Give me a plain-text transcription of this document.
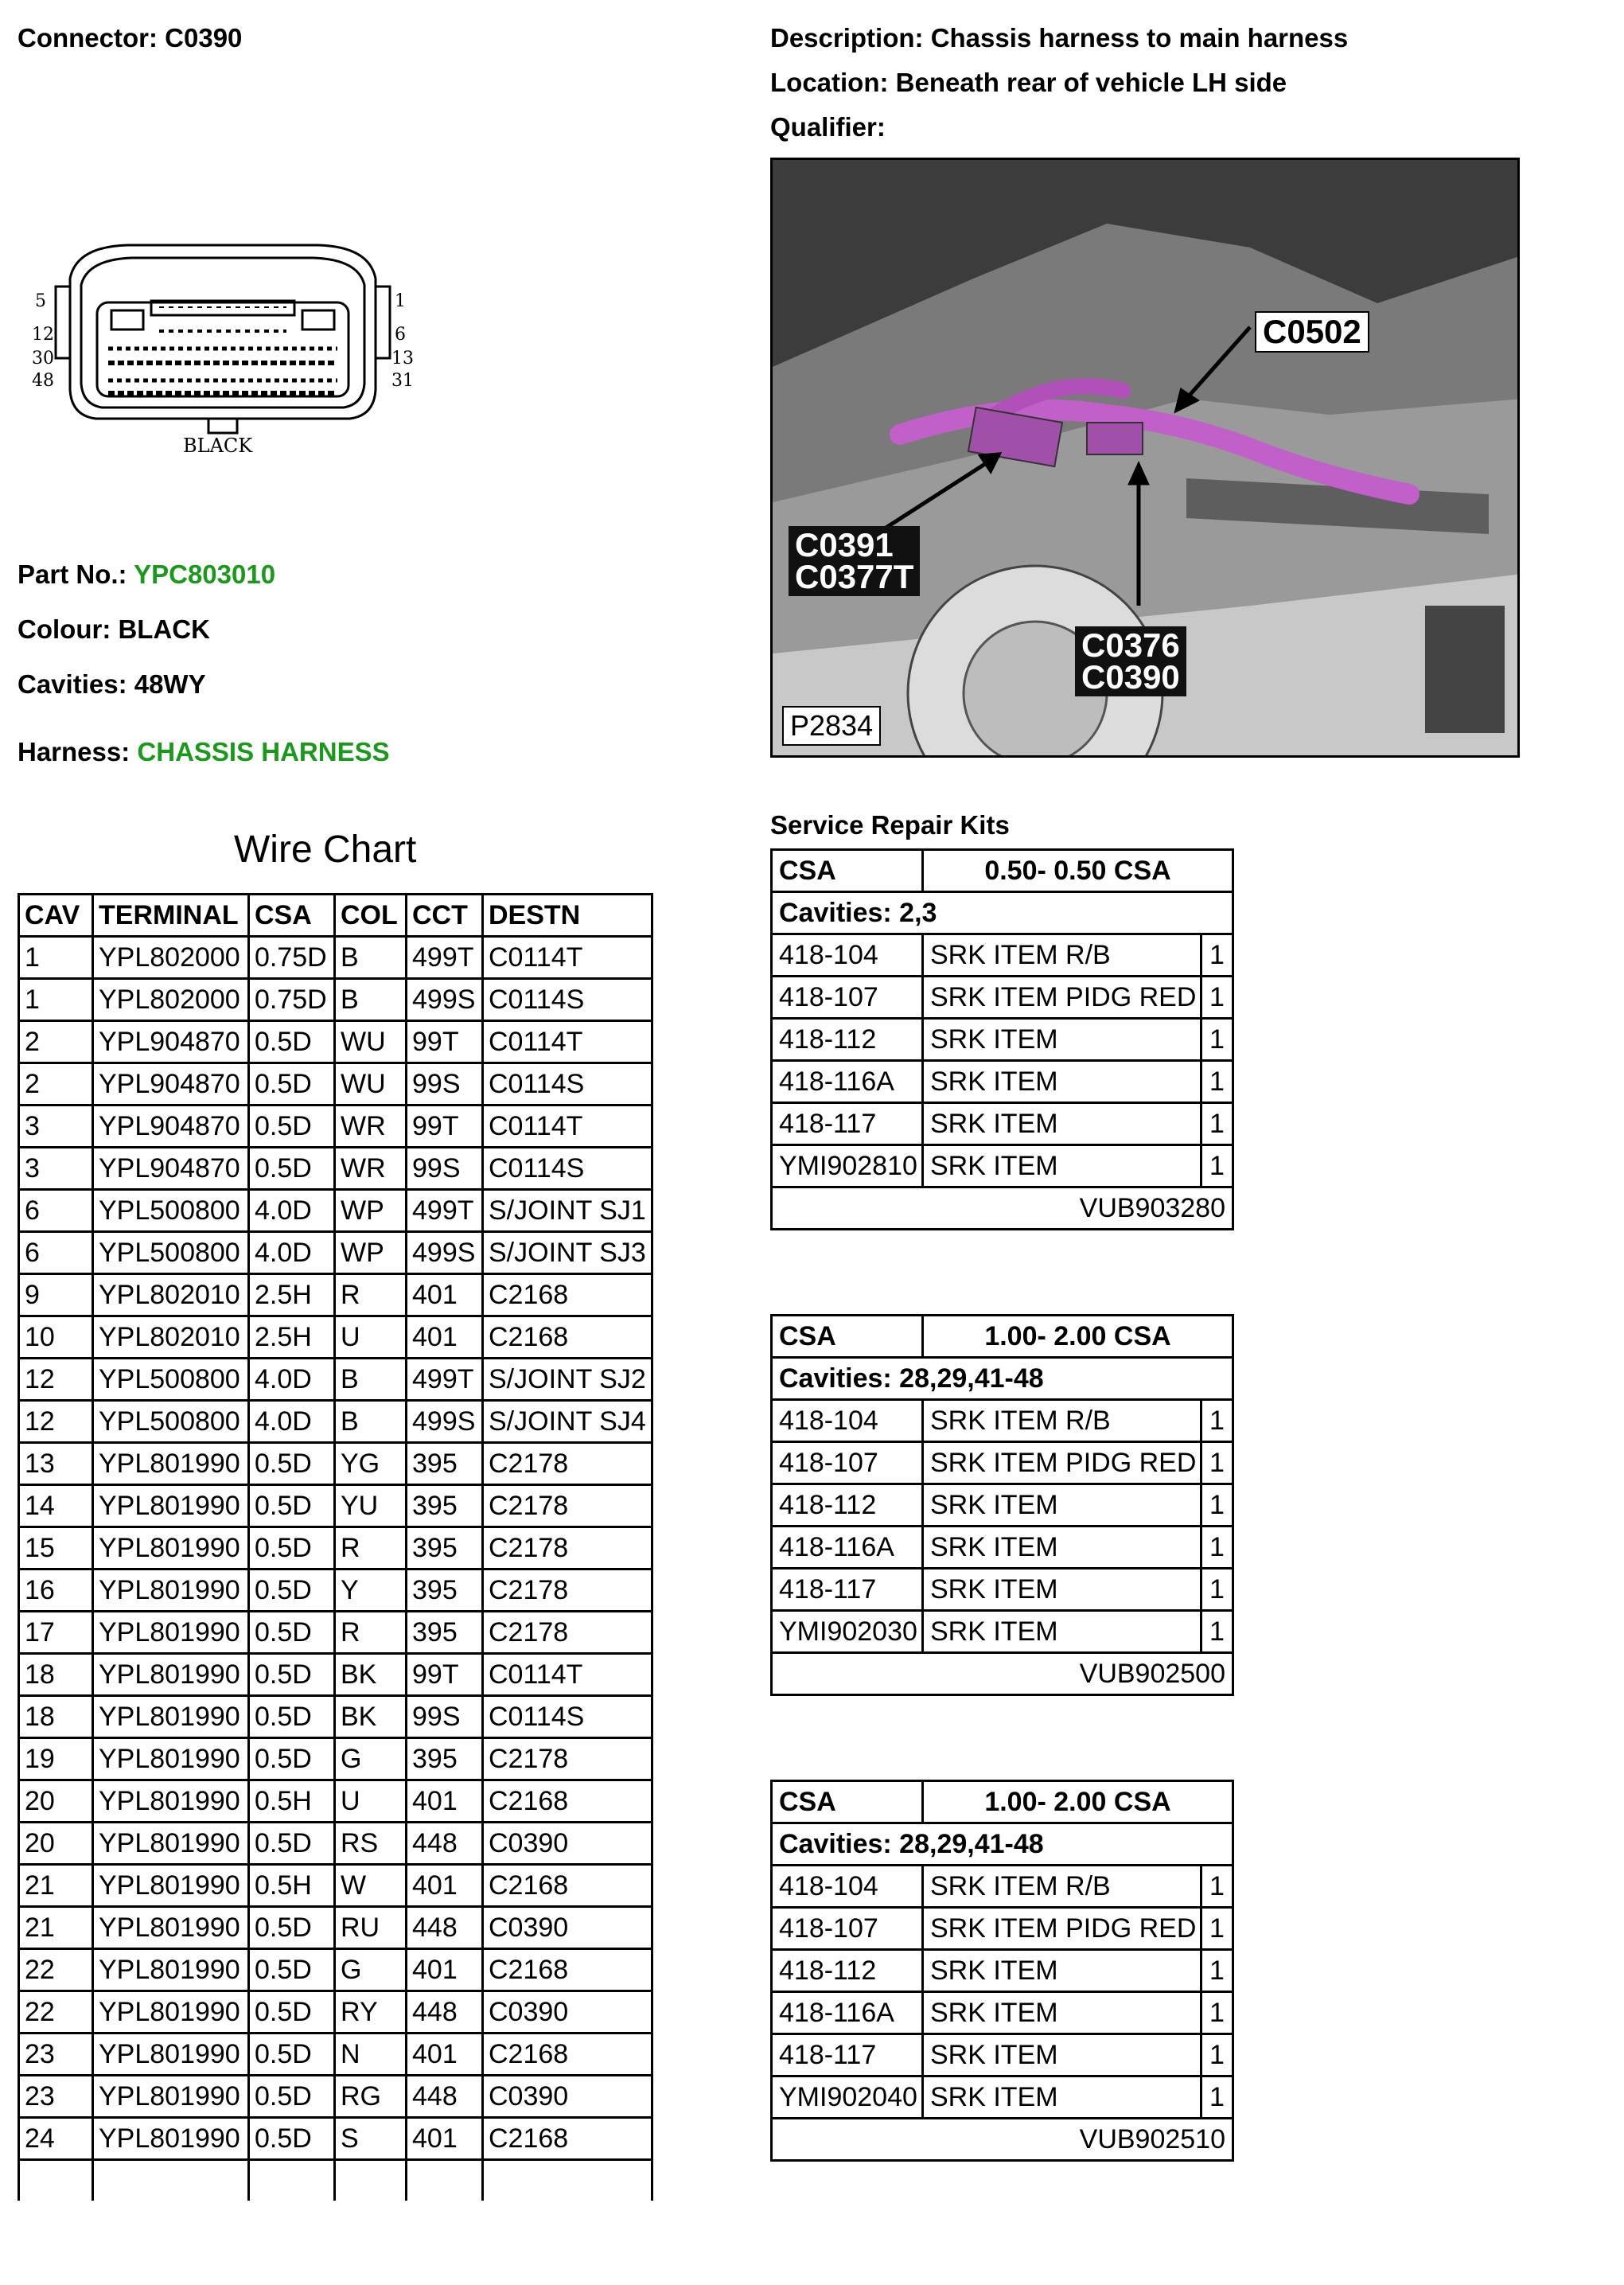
Connector: C0390	Description: Chassis harness to main harness
Location: Beneath rear of vehicle LH side
Qualifier:
5
12
30
48
1
6
13
31
BLACK
Part No.: YPC803010
Colour: BLACK
Cavities: 48WY
Harness: CHASSIS HARNESS
C0502
C0391
C0377T
C0376
C0390
P2834
Wire Chart
CAV	TERMINAL	CSA	COL	CCT	DESTN
1	YPL802000	0.75D	B	499T	C0114T
1	YPL802000	0.75D	B	499S	C0114S
2	YPL904870	0.5D	WU	99T	C0114T
2	YPL904870	0.5D	WU	99S	C0114S
3	YPL904870	0.5D	WR	99T	C0114T
3	YPL904870	0.5D	WR	99S	C0114S
6	YPL500800	4.0D	WP	499T	S/JOINT SJ1
6	YPL500800	4.0D	WP	499S	S/JOINT SJ3
9	YPL802010	2.5H	R	401	C2168
10	YPL802010	2.5H	U	401	C2168
12	YPL500800	4.0D	B	499T	S/JOINT SJ2
12	YPL500800	4.0D	B	499S	S/JOINT SJ4
13	YPL801990	0.5D	YG	395	C2178
14	YPL801990	0.5D	YU	395	C2178
15	YPL801990	0.5D	R	395	C2178
16	YPL801990	0.5D	Y	395	C2178
17	YPL801990	0.5D	R	395	C2178
18	YPL801990	0.5D	BK	99T	C0114T
18	YPL801990	0.5D	BK	99S	C0114S
19	YPL801990	0.5D	G	395	C2178
20	YPL801990	0.5H	U	401	C2168
20	YPL801990	0.5D	RS	448	C0390
21	YPL801990	0.5H	W	401	C2168
21	YPL801990	0.5D	RU	448	C0390
22	YPL801990	0.5D	G	401	C2168
22	YPL801990	0.5D	RY	448	C0390
23	YPL801990	0.5D	N	401	C2168
23	YPL801990	0.5D	RG	448	C0390
24	YPL801990	0.5D	S	401	C2168

Service Repair Kits
CSA	0.50- 0.50 CSA	
Cavities: 2,3		
418-104	SRK ITEM R/B	1
418-107	SRK ITEM PIDG RED	1
418-112	SRK ITEM	1
418-116A	SRK ITEM	1
418-117	SRK ITEM	1
YMI902810	SRK ITEM	1
VUB903280		
CSA	1.00- 2.00 CSA	
Cavities: 28,29,41-48		
418-104	SRK ITEM R/B	1
418-107	SRK ITEM PIDG RED	1
418-112	SRK ITEM	1
418-116A	SRK ITEM	1
418-117	SRK ITEM	1
YMI902030	SRK ITEM	1
VUB902500		
CSA	1.00- 2.00 CSA	
Cavities: 28,29,41-48		
418-104	SRK ITEM R/B	1
418-107	SRK ITEM PIDG RED	1
418-112	SRK ITEM	1
418-116A	SRK ITEM	1
418-117	SRK ITEM	1
YMI902040	SRK ITEM	1
VUB902510		
